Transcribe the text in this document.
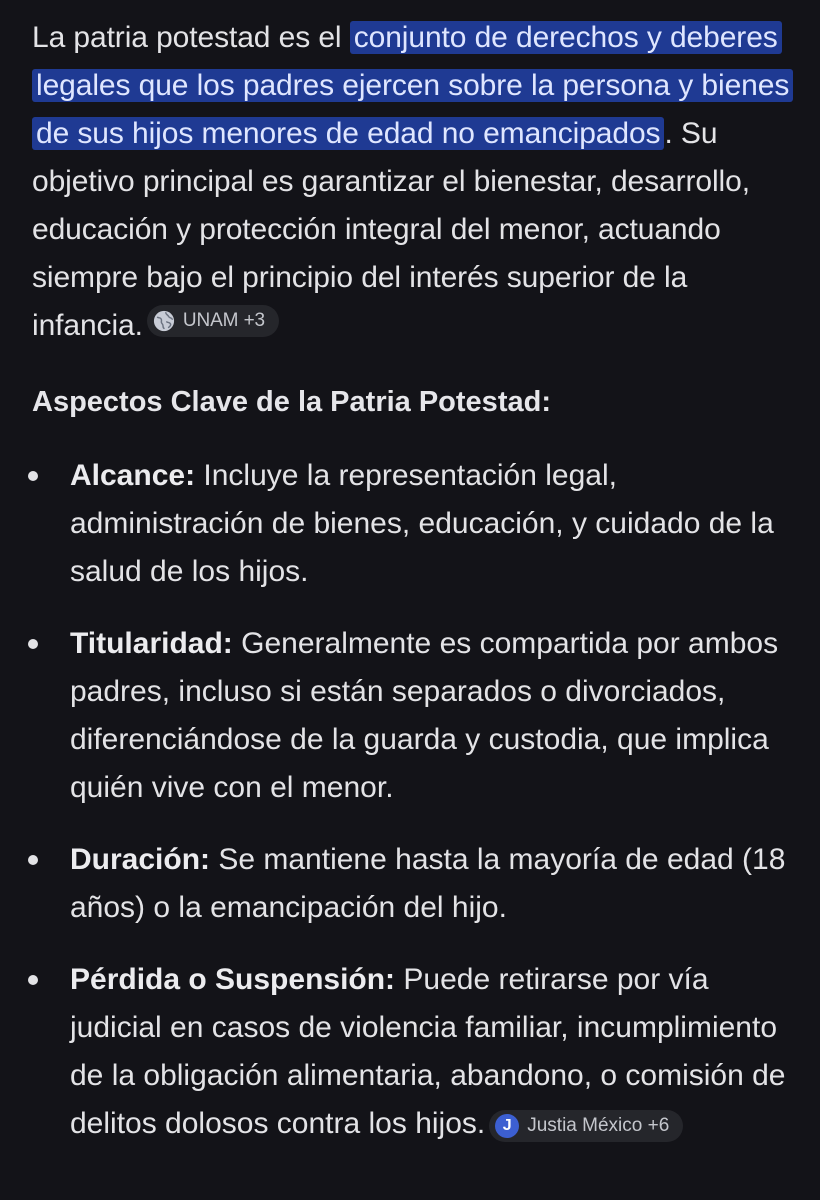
La patria potestad es el conjunto de derechos y deberes legales que los padres ejercen sobre la persona y bienes de sus hijos menores de edad no emancipados . Su objetivo principal es garantizar el bienestar, desarrollo, educación y protección integral del menor, actuando siempre bajo el principio del interés superior de la infancia. UNAM +3

Aspectos Clave de la Patria Potestad:
Alcance: Incluye la representación legal, administración de bienes, educación, y cuidado de la salud de los hijos.
Titularidad: Generalmente es compartida por ambos padres, incluso si están separados o divorciados, diferenciándose de la guarda y custodia, que implica quién vive con el menor.
Duración: Se mantiene hasta la mayoría de edad (18 años) o la emancipación del hijo.
Pérdida o Suspensión: Puede retirarse por vía judicial en casos de violencia familiar, incumplimiento de la obligación alimentaria, abandono, o comisión de delitos dolosos contra los hijos.	J Justia México +6
